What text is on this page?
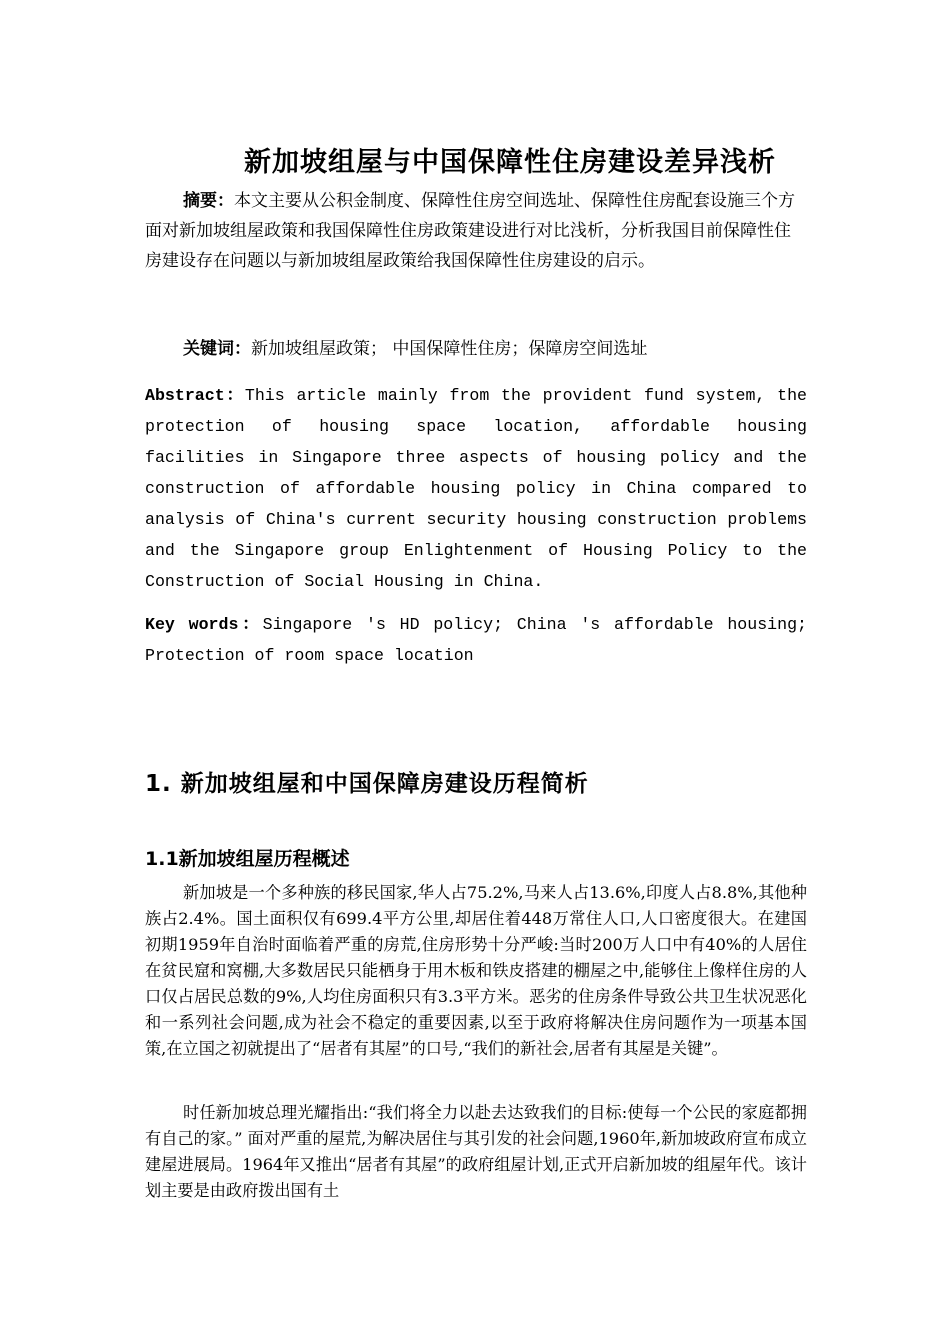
新加坡组屋与中国保障性住房建设差异浅析

摘要：本文主要从公积金制度、保障性住房空间选址、保障性住房配套设施三个方面对新加坡组屋政策和我国保障性住房政策建设进行对比浅析，分析我国目前保障性住房建设存在问题以与新加坡组屋政策给我国保障性住房建设的启示。

关键词：新加坡组屋政策； 中国保障性住房；保障房空间选址

Abstract：This article mainly from the provident fund system, the protection of housing space location, affordable housing facilities in Singapore three aspects of housing policy and the construction of affordable housing policy in China compared to analysis of China's current security housing construction problems and the Singapore group Enlightenment of Housing Policy to the Construction of Social Housing in China.

Key words：Singapore 's HD policy; China 's affordable housing; Protection of room space location

1. 新加坡组屋和中国保障房建设历程简析
1.1新加坡组屋历程概述

新加坡是一个多种族的移民国家,华人占75.2%,马来人占13.6%,印度人占8.8%,其他种族占2.4%。国土面积仅有699.4平方公里,却居住着448万常住人口,人口密度很大。在建国初期1959年自治时面临着严重的房荒,住房形势十分严峻:当时200万人口中有40%的人居住在贫民窟和窝棚,大多数居民只能栖身于用木板和铁皮搭建的棚屋之中,能够住上像样住房的人口仅占居民总数的9%,人均住房面积只有3.3平方米。恶劣的住房条件导致公共卫生状况恶化和一系列社会问题,成为社会不稳定的重要因素,以至于政府将解决住房问题作为一项基本国策,在立国之初就提出了“居者有其屋”的口号,“我们的新社会,居者有其屋是关键”。

时任新加坡总理光耀指出:“我们将全力以赴去达致我们的目标:使每一个公民的家庭都拥有自己的家。” 面对严重的屋荒,为解决居住与其引发的社会问题,1960年,新加坡政府宣布成立建屋进展局。1964年又推出“居者有其屋”的政府组屋计划,正式开启新加坡的组屋年代。该计划主要是由政府拨出国有土
